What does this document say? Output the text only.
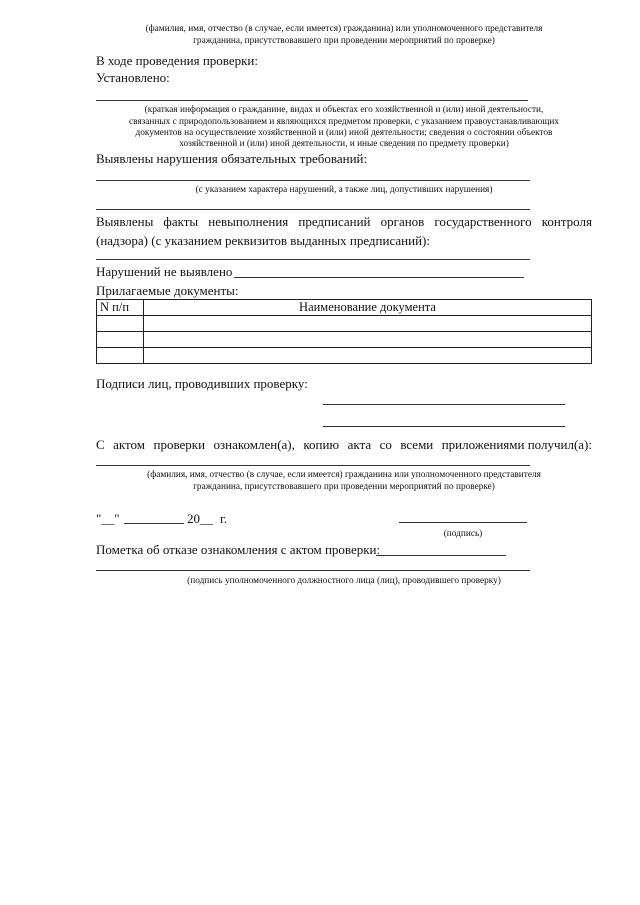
(фамилия, имя, отчество (в случае, если имеется) гражданина) или уполномоченного представителя
гражданина, присутствовавшего при проведении мероприятий по проверке)
В ходе проведения проверки:
Установлено:
(краткая информация о гражданине, видах и объектах его хозяйственной и (или) иной деятельности,
связанных с природопользованием и являющихся предметом проверки, с указанием правоустанавливающих
документов на осуществление хозяйственной и (или) иной деятельности; сведения о состоянии объектов
хозяйственной и (или) иной деятельности, и иные сведения по предмету проверки)
Выявлены нарушения обязательных требований:
(с указанием характера нарушений, а также лиц, допустивших нарушения)
Выявлены факты невыполнения предписаний органов государственного контроля
(надзора) (с указанием реквизитов выданных предписаний):
Нарушений не выявлено
Прилагаемые документы:
N п/п	Наименование документа

Подписи лиц, проводивших проверку:
С актом проверки ознакомлен(а), копию акта со всеми приложениями получил(а):
(фамилия, имя, отчество (в случае, если имеется) гражданина или уполномоченного представителя
гражданина, присутствовавшего при проведении мероприятий по проверке)
"__"	20__ г.
(подпись)
Пометка об отказе ознакомления с актом проверки:
(подпись уполномоченного должностного лица (лиц), проводившего проверку)
